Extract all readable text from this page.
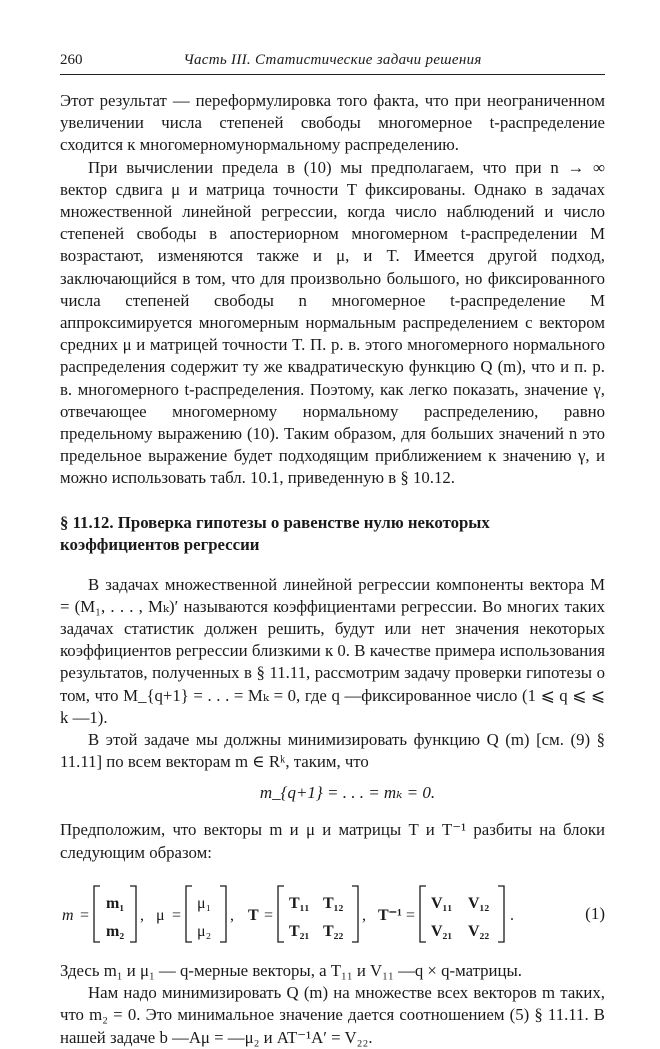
260	Часть III. Статистические задачи решения

Этот результат — переформулировка того факта, что при неограниченном увеличении числа степеней свободы многомерное t-распределение сходится к многомерномунормальному распределению.

При вычислении предела в (10) мы предполагаем, что при n → ∞ вектор сдвига μ и матрица точности T фиксированы. Однако в задачах множественной линейной регрессии, когда число наблюдений и число степеней свободы в апостериорном многомерном t-распределении M возрастают, изменяются также и μ, и T. Имеется другой подход, заключающийся в том, что для произвольно большого, но фиксированного числа степеней свободы n многомерное t-распределение M аппроксимируется многомерным нормальным распределением с вектором средних μ и матрицей точности T. П. р. в. этого многомерного нормального распределения содержит ту же квадратическую функцию Q (m), что и п. р. в. многомерного t-распределения. Поэтому, как легко показать, значение γ, отвечающее многомерному нормальному распределению, равно предельному выражению (10). Таким образом, для больших значений n это предельное выражение будет подходящим приближением к значению γ, и можно использовать табл. 10.1, приведенную в § 10.12.

§ 11.12. Проверка гипотезы о равенстве нулю некоторых коэффициентов регрессии

В задачах множественной линейной регрессии компоненты вектора M = (M₁, . . . , Mₖ)′ называются коэффициентами регрессии. Во многих таких задачах статистик должен решить, будут или нет значения некоторых коэффициентов регрессии близкими к 0. В качестве примера использования результатов, полученных в § 11.11, рассмотрим задачу проверки гипотезы о том, что M_{q+1} = . . . = Mₖ = 0, где q —фиксированное число (1 ⩽ q ⩽ ⩽ k —1).

В этой задаче мы должны минимизировать функцию Q (m) [см. (9) § 11.11] по всем векторам m ∈ Rᵏ, таким, что

m_{q+1} = . . . = mₖ = 0.

Предположим, что векторы m и μ и матрицы T и T⁻¹ разбиты на блоки следующим образом:

m =
m₁
m₂
, μ =
μ₁
μ₂
, T =
T₁₁ T₁₂
T₂₁ T₂₂
, T⁻¹ =
V₁₁ V₁₂
V₂₁ V₂₂
.	(1)

Здесь m₁ и μ₁ — q-мерные векторы, а T₁₁ и V₁₁ —q × q-матрицы.

Нам надо минимизировать Q (m) на множестве всех векторов m таких, что m₂ = 0. Это минимальное значение дается соотношением (5) § 11.11. В нашей задаче b —Aμ = —μ₂ и AT⁻¹A′ = V₂₂.
